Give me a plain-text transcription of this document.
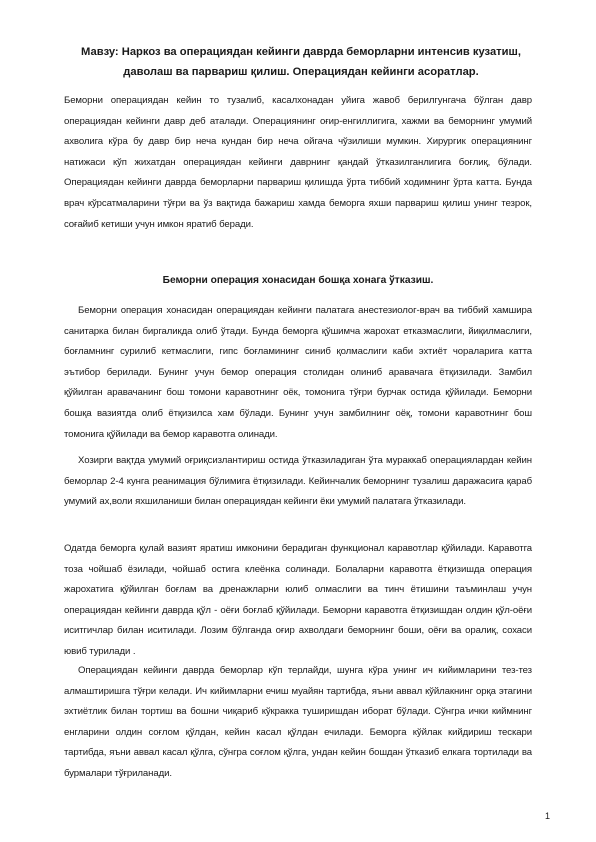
Мавзу: Наркоз ва операциядан кейинги даврда беморларни интенсив кузатиш, даволаш ва парвариш қилиш. Операциядан кейинги асоратлар.

Беморни операциядан кейин то тузалиб, касалхонадан уйига жавоб берилгунгача бўлган давр операциядан кейинги давр деб аталади. Операциянинг оғир-енгиллигига, хажми ва беморнинг умумий ахволига кўра бу давр бир неча кундан бир неча ойгача чўзилиши мумкин. Хирургик операциянинг натижаси кўп жихатдан операциядан кейинги даврнинг қандай ўтказилганлигига боғлиқ, бўлади. Операциядан кейинги даврда беморларни парвариш қилишда ўрта тиббий ходимнинг ўрта катта. Бунда врач кўрсатмаларини тўғри ва ўз вақтида бажариш хамда беморга яхши парвариш қилиш унинг тезрок, соғайиб кетиши учун имкон яратиб беради.

Беморни операция хонасидан бошқа хонага ўтказиш.

Беморни операция хонасидан операциядан кейинги палатага анестезиолог-врач ва тиббий хамшира санитарка билан биргаликда олиб ўтади. Бунда беморга қўшимча жарохат етказмаслиги, йиқилмаслиги, боғламнинг сурилиб кетмаслиги, гипс боғламининг синиб қолмаслиги каби эхтиёт чораларига катта эътибор берилади. Бунинг учун бемор операция столидан олиниб аравачага ётқизилади. Замбил қўйилган аравачанинг бош томони каравотнинг оёк, томонига тўғри бурчак остида қўйилади. Беморни бошқа вазиятда олиб ётқизилса хам бўлади. Бунинг учун замбилнинг оёқ, томони каравотнинг бош томонига қўйилади ва бемор каравотга олинади.

Хозирги вақтда умумий оғриқсизлантириш остида ўтказиладиган ўта мураккаб операциялардан кейин беморлар 2-4 кунга реанимация бўлимига ётқизилади. Кейинчалик беморнинг тузалиш даражасига қараб умумий ах,воли яхшиланиши билан операциядан кейинги ёки умумий палатага ўтказилади.

Одатда беморга қулай вазият яратиш имконини берадиган функционал каравотлар қўйилади. Каравотга тоза чойшаб ёзилади, чойшаб остига клеёнка солинади. Болаларни каравотга ётқизишда операция жарохатига қўйилган боғлам ва дренажларни юлиб олмаслиги ва тинч ётишини таъминлаш учун операциядан кейинги даврда қўл - оёғи боғлаб қўйилади. Беморни каравотга ётқизишдан олдин қўл-оёғи иситгичлар билан иситилади. Лозим бўлганда оғир ахволдаги беморнинг боши, оёғи ва оралиқ, сохаси ювиб турилади .

Операциядан кейинги даврда беморлар кўп терлайди, шунга кўра унинг ич кийимларини тез-тез алмаштиришга тўғри келади. Ич кийимларни ечиш муайян тартибда, яъни аввал кўйлакнинг орқа этагини эхтиётлик билан тортиш ва бошни чиқариб кўкракка туширишдан иборат бўлади. Сўнгра ички киймнинг енгларини олдин соғлом қўлдан, кейин касал қўлдан ечилади. Беморга кўйлак кийдириш тескари тартибда, яъни аввал касал қўлга, сўнгра соғлом қўлга, ундан кейин бошдан ўтказиб елкага тортилади ва бурмалари тўғриланади.

1
